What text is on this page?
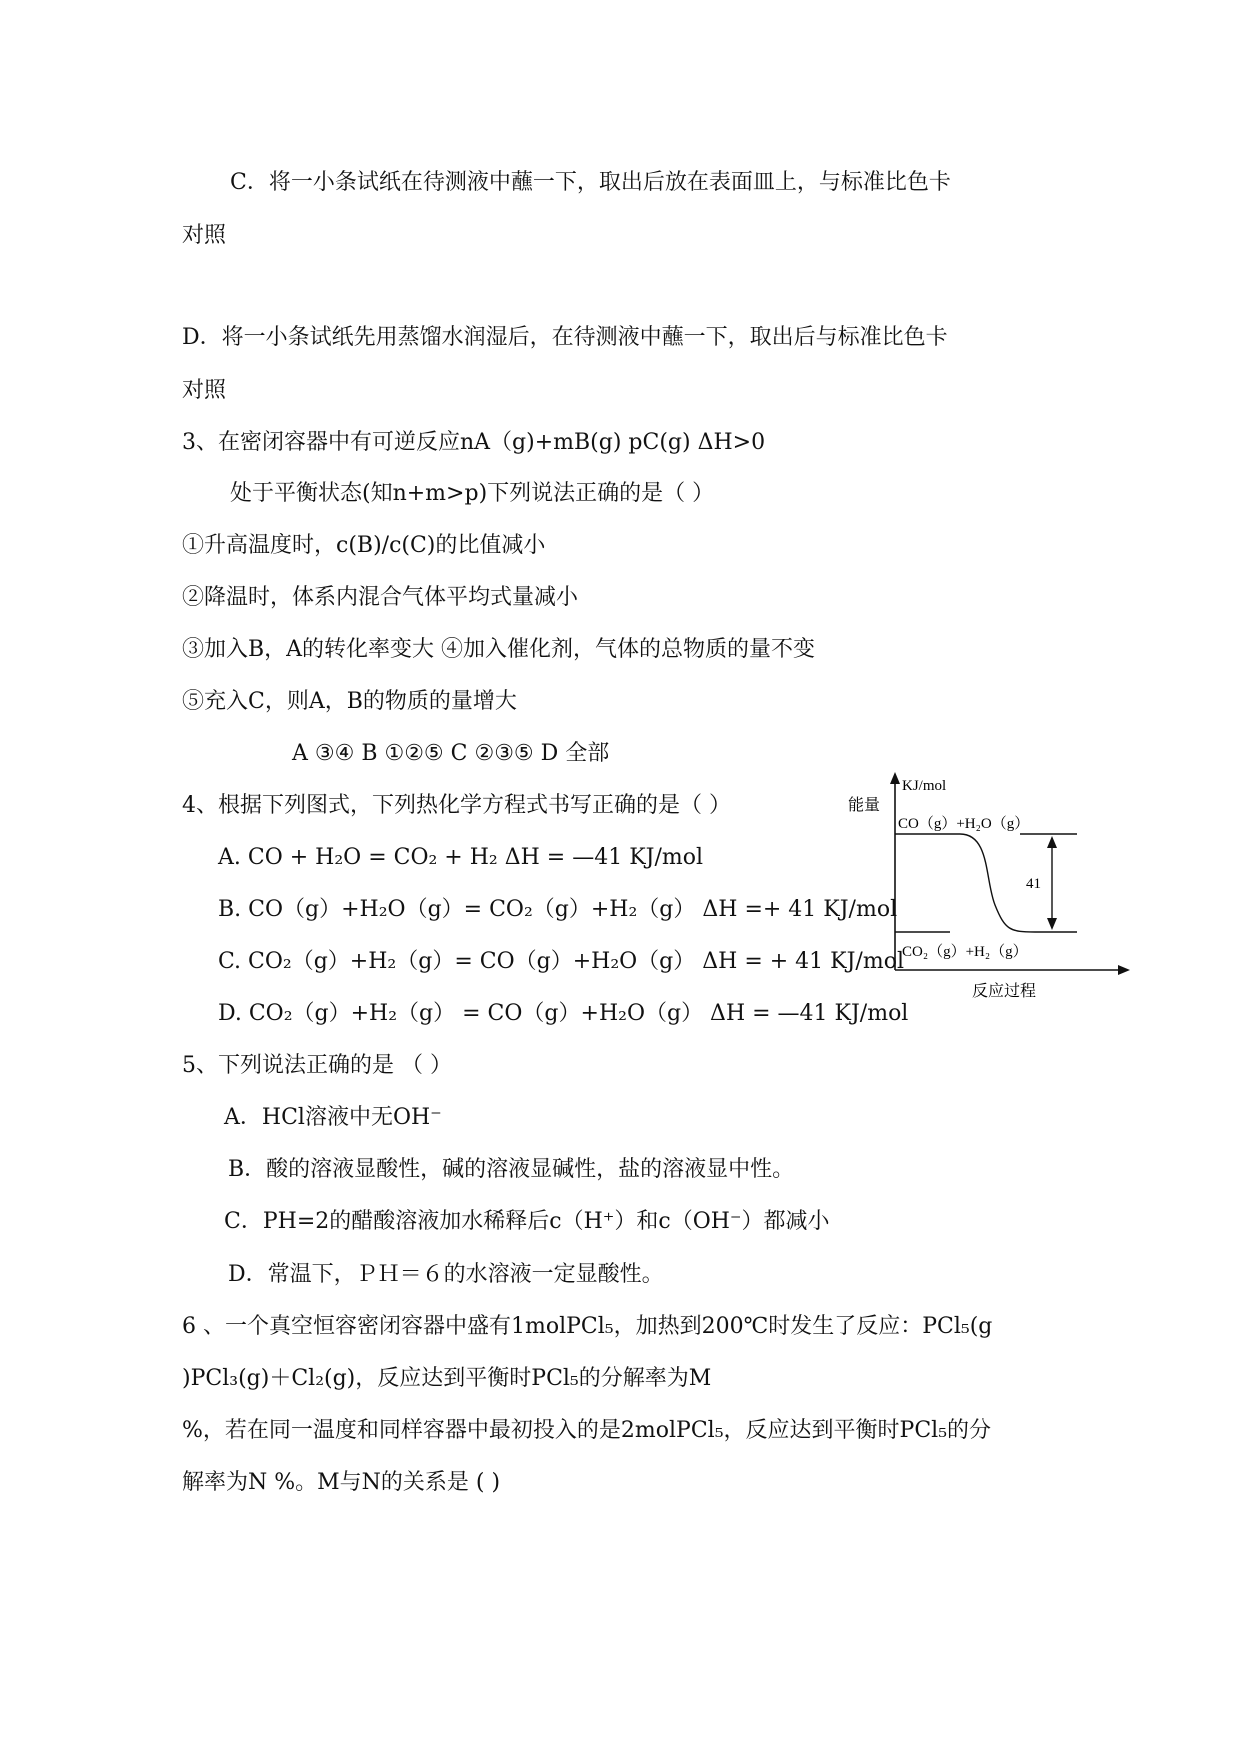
C．将一小条试纸在待测液中蘸一下，取出后放在表面皿上，与标准比色卡
对照
D．将一小条试纸先用蒸馏水润湿后，在待测液中蘸一下，取出后与标准比色卡
对照
3、在密闭容器中有可逆反应nA（g)+mB(g) pC(g) ΔH>0
处于平衡状态(知n+m>p)下列说法正确的是（ ）
①升高温度时，c(B)/c(C)的比值减小
②降温时，体系内混合气体平均式量减小
③加入B，A的转化率变大 ④加入催化剂，气体的总物质的量不变
⑤充入C，则A，B的物质的量增大
A ③④ B ①②⑤ C ②③⑤ D 全部
4、根据下列图式，下列热化学方程式书写正确的是（ ）
A. CO + H₂O = CO₂ + H₂ ΔH = —41 KJ/mol
B. CO（g）+H₂O（g）= CO₂（g）+H₂（g） ΔH =+ 41 KJ/mol
C. CO₂（g）+H₂（g）= CO（g）+H₂O（g） ΔH = + 41 KJ/mol
D. CO₂（g）+H₂（g） = CO（g）+H₂O（g） ΔH = —41 KJ/mol
5、下列说法正确的是 （ ）
A．HCl溶液中无OH⁻
B．酸的溶液显酸性，碱的溶液显碱性，盐的溶液显中性。
C．PH=2的醋酸溶液加水稀释后c（H⁺）和c（OH⁻）都减小
D．常温下，ＰＨ＝６的水溶液一定显酸性。
6 、一个真空恒容密闭容器中盛有1molPCl₅，加热到200℃时发生了反应：PCl₅(g
)PCl₃(g)＋Cl₂(g)，反应达到平衡时PCl₅的分解率为M
%，若在同一温度和同样容器中最初投入的是2molPCl₅，反应达到平衡时PCl₅的分
解率为N %。M与N的关系是 ( )
KJ/mol
能量
反应过程
CO（g）+H₂O（g）
CO₂（g）+H₂（g）
41
